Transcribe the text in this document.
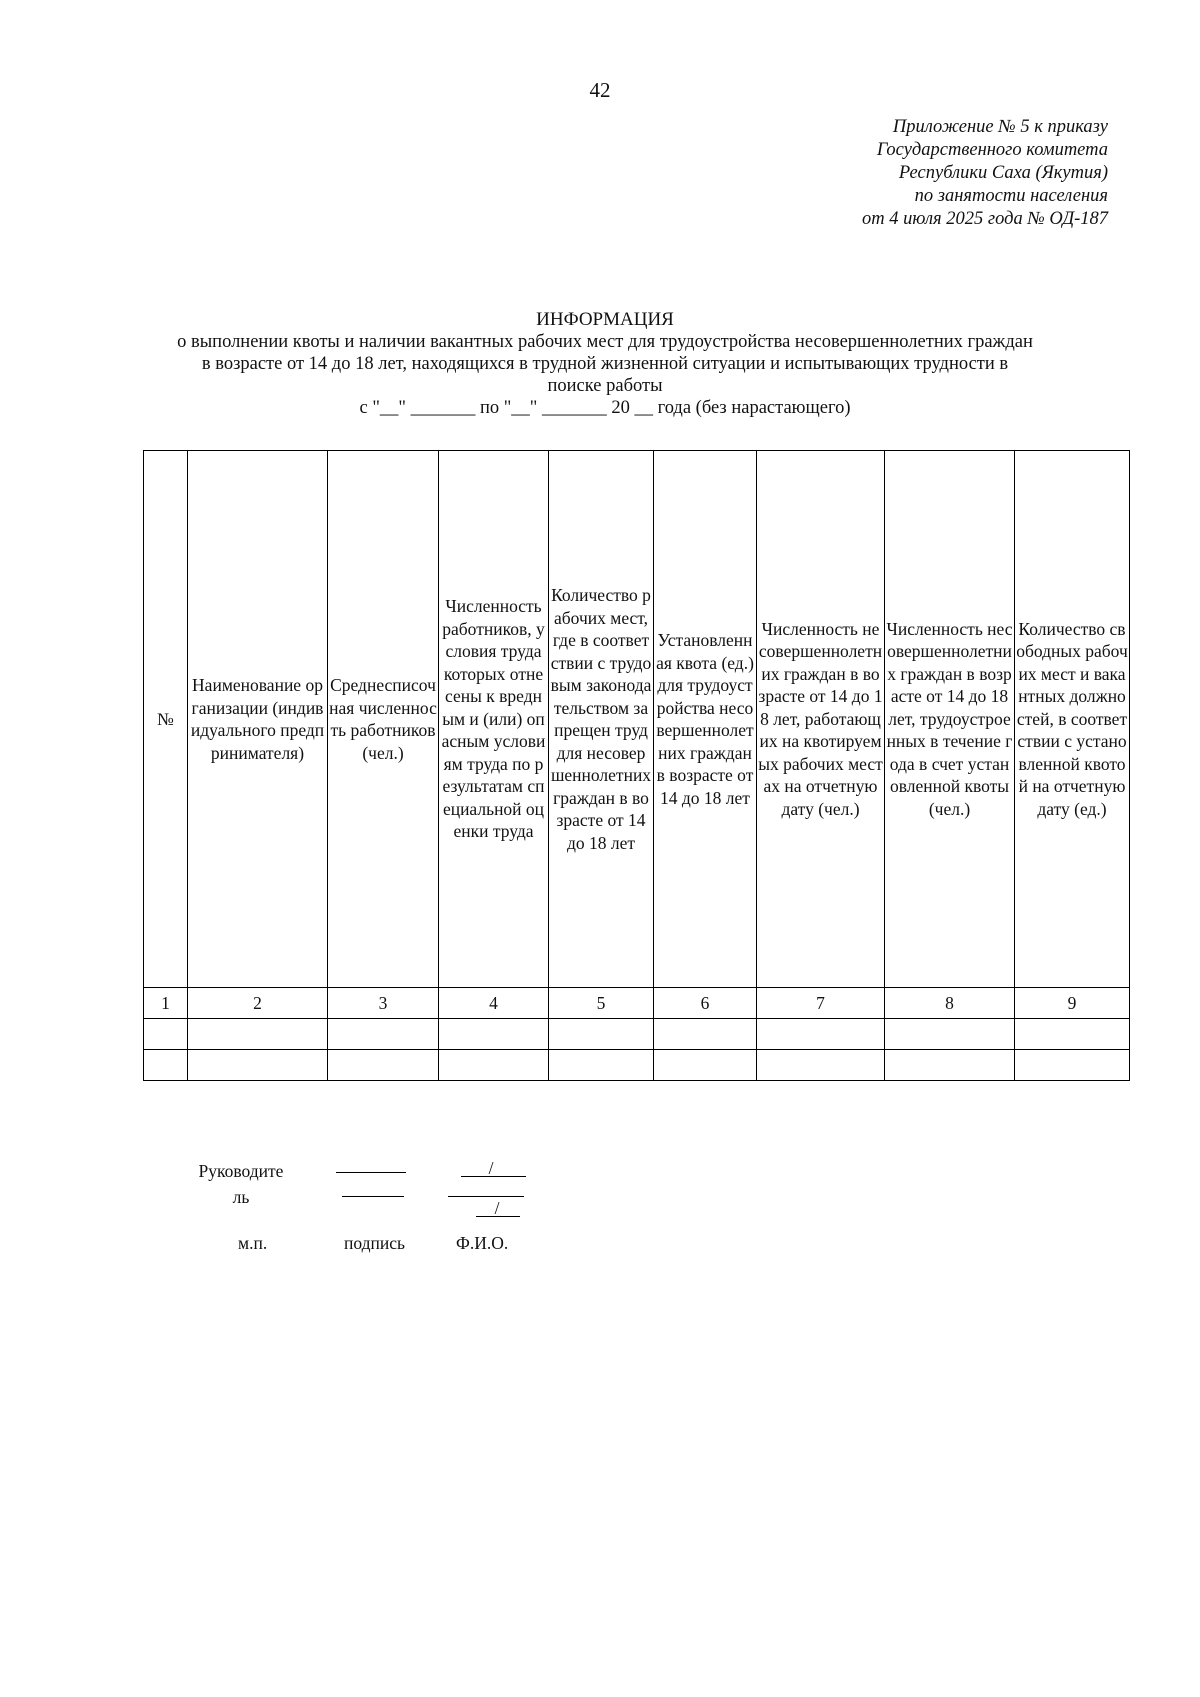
42
Приложение № 5 к приказу
Государственного комитета
Республики Саха (Якутия)
по занятости населения
от 4 июля 2025 года № ОД-187
ИНФОРМАЦИЯ
о выполнении квоты и наличии вакантных рабочих мест для трудоустройства несовершеннолетних граждан
в возрасте от 14 до 18 лет, находящихся в трудной жизненной ситуации и испытывающих трудности в
поиске работы
с "__" _______ по "__" _______ 20 __ года (без нарастающего)
№	Наименование организации (индивидуального предпринимателя)	Среднесписочная численность работников (чел.)	Численность работников, условия труда которых отнесены к вредным и (или) опасным условиям труда по результатам специальной оценки труда	Количество рабочих мест, где в соответствии с трудовым законодательством запрещен труд для несовершеннолетних граждан в возрасте от 14 до 18 лет	Установленная квота (ед.) для трудоустройства несовершеннолетних граждан в возрасте от 14 до 18 лет	Численность несовершеннолетних граждан в возрасте от 14 до 18 лет, работающих на квотируемых рабочих местах на отчетную дату (чел.)	Численность несовершеннолетних граждан в возрасте от 14 до 18 лет, трудоустроенных в течение года в счет установленной квоты (чел.)	Количество свободных рабочих мест и вакантных должностей, в соответствии с установленной квотой на отчетную дату (ед.)
1	2	3	4	5	6	7	8	9

Руководитель
/
/
м.п.	подпись	Ф.И.О.
